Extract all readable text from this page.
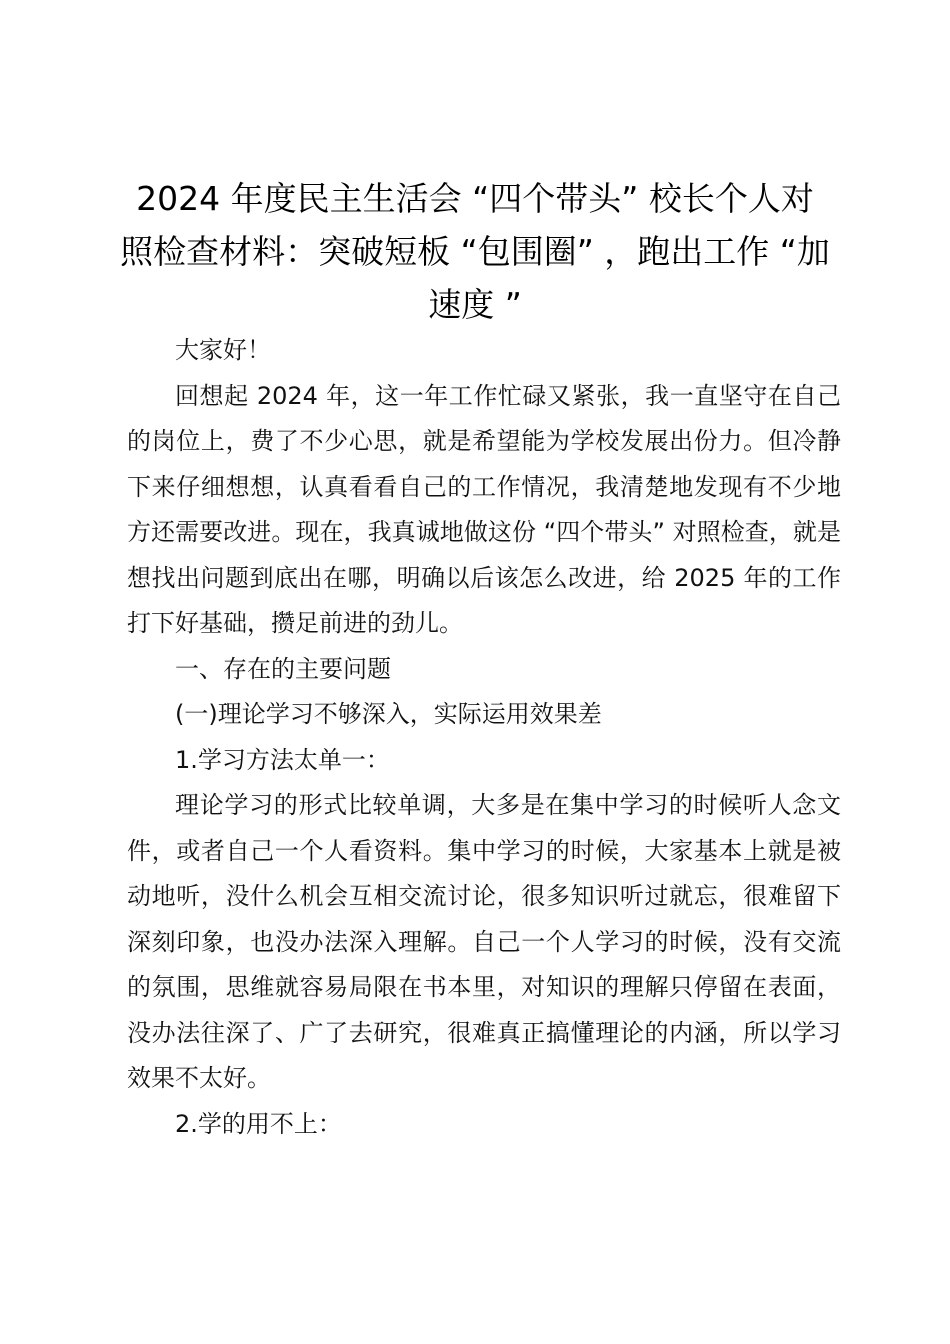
2024 年度民主生活会 “四个带头” 校长个人对照检查材料：突破短板 “包围圈” ，跑出工作 “加速度 ”

大家好！

回想起 2024 年，这一年工作忙碌又紧张，我一直坚守在自己的岗位上，费了不少心思，就是希望能为学校发展出份力。但冷静下来仔细想想，认真看看自己的工作情况，我清楚地发现有不少地方还需要改进。现在，我真诚地做这份 “四个带头” 对照检查，就是想找出问题到底出在哪，明确以后该怎么改进，给 2025 年的工作打下好基础，攒足前进的劲儿。

一、存在的主要问题

(一)理论学习不够深入，实际运用效果差

1.学习方法太单一：

理论学习的形式比较单调，大多是在集中学习的时候听人念文件，或者自己一个人看资料。集中学习的时候，大家基本上就是被动地听，没什么机会互相交流讨论，很多知识听过就忘，很难留下深刻印象，也没办法深入理解。自己一个人学习的时候，没有交流的氛围，思维就容易局限在书本里，对知识的理解只停留在表面，没办法往深了、广了去研究，很难真正搞懂理论的内涵，所以学习效果不太好。

2.学的用不上：
